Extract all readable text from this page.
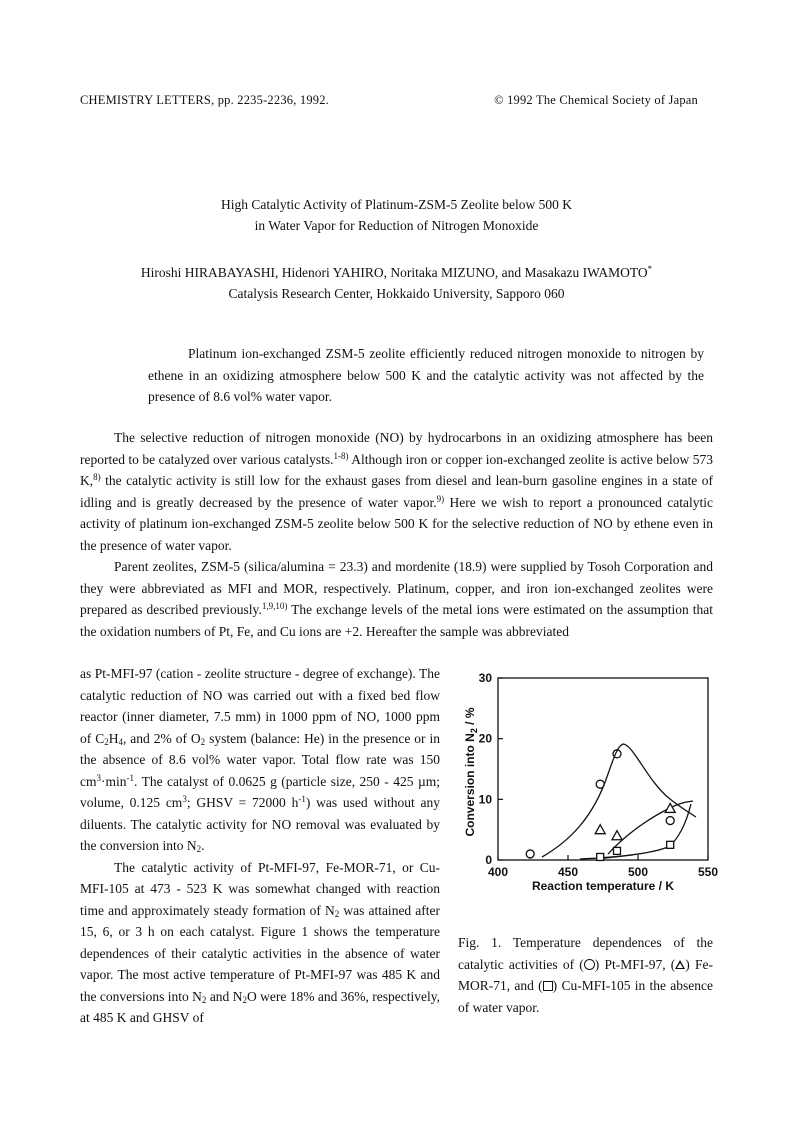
CHEMISTRY LETTERS, pp. 2235-2236, 1992.	© 1992 The Chemical Society of Japan
High Catalytic Activity of Platinum-ZSM-5 Zeolite below 500 K
in Water Vapor for Reduction of Nitrogen Monoxide
Hiroshi HIRABAYASHI, Hidenori YAHIRO, Noritaka MIZUNO, and Masakazu IWAMOTO*
Catalysis Research Center, Hokkaido University, Sapporo 060

Platinum ion-exchanged ZSM-5 zeolite efficiently reduced nitrogen monoxide to nitrogen by ethene in an oxidizing atmosphere below 500 K and the catalytic activity was not affected by the presence of 8.6 vol% water vapor.

The selective reduction of nitrogen monoxide (NO) by hydrocarbons in an oxidizing atmosphere has been reported to be catalyzed over various catalysts.$^{1-8)}$ Although iron or copper ion-exchanged zeolite is active below 573 K,$^{8)}$ the catalytic activity is still low for the exhaust gases from diesel and lean-burn gasoline engines in a state of idling and is greatly decreased by the presence of water vapor.$^{9)}$ Here we wish to report a pronounced catalytic activity of platinum ion-exchanged ZSM-5 zeolite below 500 K for the selective reduction of NO by ethene even in the presence of water vapor.

Parent zeolites, ZSM-5 (silica/alumina = 23.3) and mordenite (18.9) were supplied by Tosoh Corporation and they were abbreviated as MFI and MOR, respectively. Platinum, copper, and iron ion-exchanged zeolites were prepared as described previously.$^{1,9,10)}$ The exchange levels of the metal ions were estimated on the assumption that the oxidation numbers of Pt, Fe, and Cu ions are +2. Hereafter the sample was abbreviated

as Pt-MFI-97 (cation - zeolite structure - degree of exchange). The catalytic reduction of NO was carried out with a fixed bed flow reactor (inner diameter, 7.5 mm) in 1000 ppm of NO, 1000 ppm of $C_2H_4$, and 2% of $O_2$ system (balance: He) in the presence or in the absence of 8.6 vol% water vapor. Total flow rate was 150 $cm^3\cdot\min^{-1}$. The catalyst of 0.0625 g (particle size, 250 - 425 µm; volume, 0.125 $cm^3$; GHSV = 72000 $h^{-1}$) was used without any diluents. The catalytic activity for NO removal was evaluated by the conversion into $N_2$.

The catalytic activity of Pt-MFI-97, Fe-MOR-71, or Cu-MFI-105 at 473 - 523 K was somewhat changed with reaction time and approximately steady formation of $N_2$ was attained after 15, 6, or 3 h on each catalyst. Figure 1 shows the temperature dependences of their catalytic activities in the absence of water vapor. The most active temperature of Pt-MFI-97 was 485 K and the conversions into $N_2$ and $N_2O$ were 18% and 36%, respectively, at 485 K and GHSV of

400	450	500	550
0
10
20
30
Conversion into $N_2$ / %
Reaction temperature / K
Fig. 1. Temperature dependences of the catalytic activities of ( ) Pt-MFI-97, ( ) Fe-MOR-71, and ( ) Cu-MFI-105 in the absence of water vapor.
